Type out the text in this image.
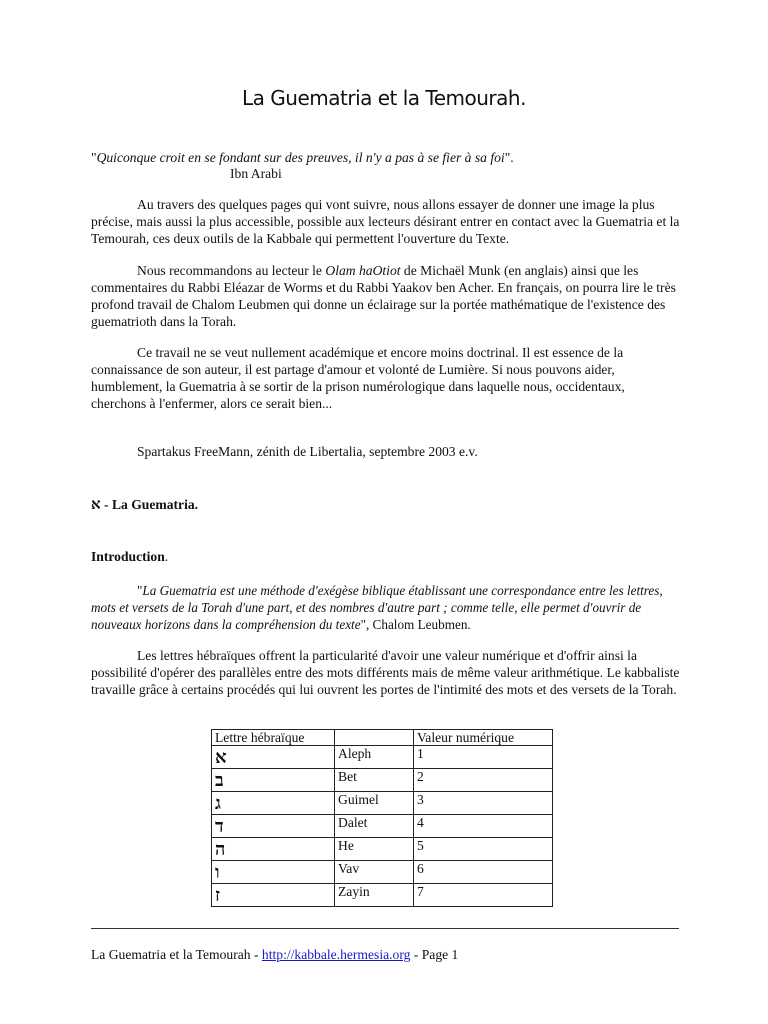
La Guematria et la Temourah.
"Quiconque croit en se fondant sur des preuves, il n'y a pas à se fier à sa foi".
Ibn Arabi
Au travers des quelques pages qui vont suivre, nous allons essayer de donner une image la plus précise, mais aussi la plus accessible, possible aux lecteurs désirant entrer en contact avec la Guematria et la Temourah, ces deux outils de la Kabbale qui permettent l'ouverture du Texte.
Nous recommandons au lecteur le Olam haOtiot de Michaël Munk (en anglais) ainsi que les commentaires du Rabbi Eléazar de Worms et du Rabbi Yaakov ben Acher. En français, on pourra lire le très profond travail de Chalom Leubmen qui donne un éclairage sur la portée mathématique de l'existence des guematrioth dans la Torah.
Ce travail ne se veut nullement académique et encore moins doctrinal. Il est essence de la connaissance de son auteur, il est partage d'amour et volonté de Lumière. Si nous pouvons aider, humblement, la Guematria à se sortir de la prison numérologique dans laquelle nous, occidentaux, cherchons à l'enfermer, alors ce serait bien...
Spartakus FreeMann, zénith de Libertalia, septembre 2003 e.v.
א - La Guematria.
Introduction.
"La Guematria est une méthode d'exégèse biblique établissant une correspondance entre les lettres, mots et versets de la Torah d'une part, et des nombres d'autre part ; comme telle, elle permet d'ouvrir de nouveaux horizons dans la compréhension du texte", Chalom Leubmen.
Les lettres hébraïques offrent la particularité d'avoir une valeur numérique et d'offrir ainsi la possibilité d'opérer des parallèles entre des mots différents mais de même valeur arithmétique. Le kabbaliste travaille grâce à certains procédés qui lui ouvrent les portes de l'intimité des mots et des versets de la Torah.
Lettre hébraïque		Valeur numérique
א	Aleph	1
ב	Bet	2
ג	Guimel	3
ד	Dalet	4
ה	He	5
ו	Vav	6
ז	Zayin	7
La Guematria et la Temourah - http://kabbale.hermesia.org - Page 1
